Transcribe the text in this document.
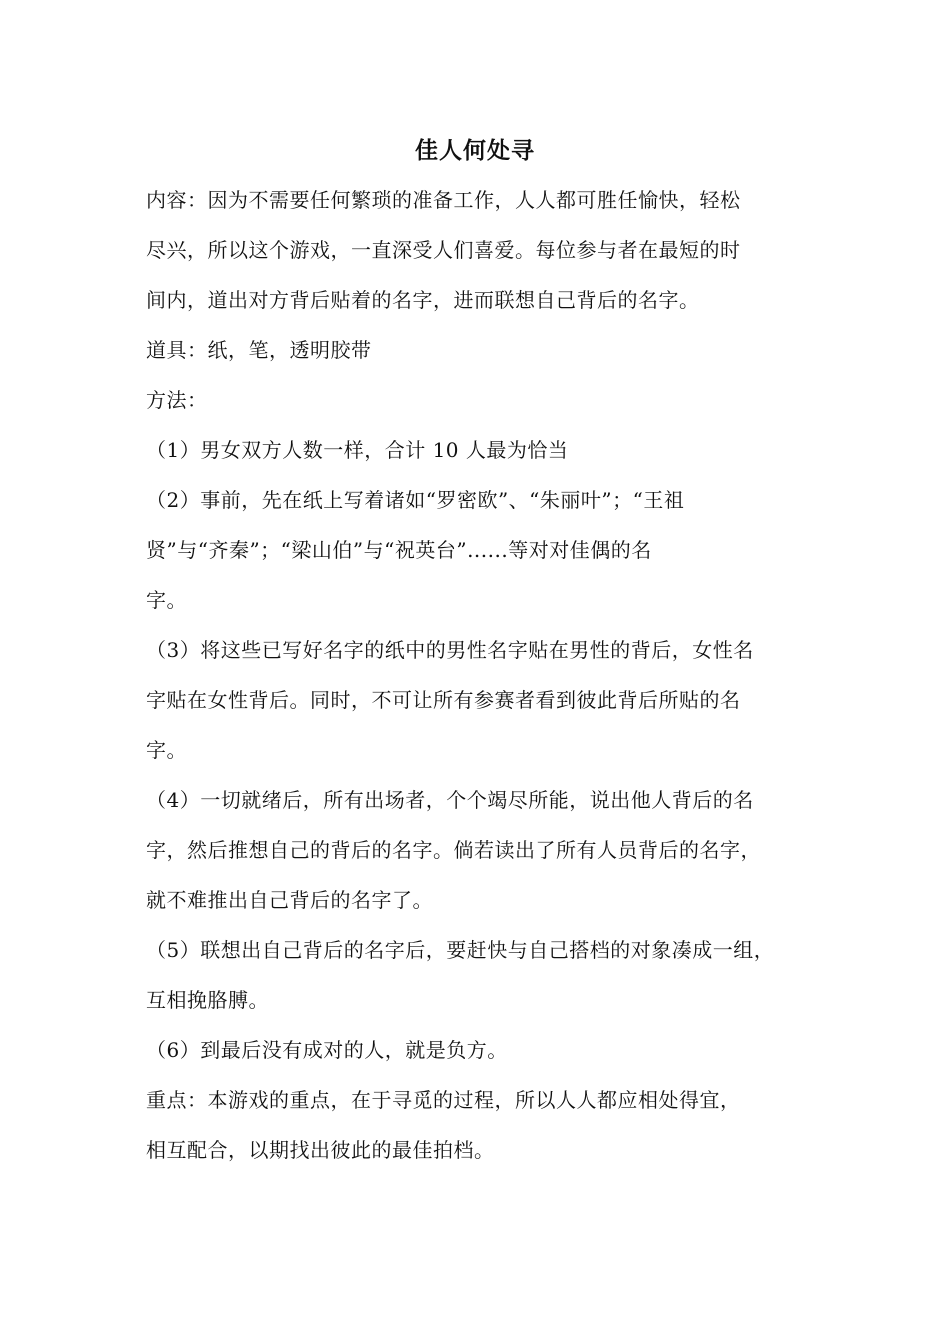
佳人何处寻
内容：因为不需要任何繁琐的准备工作，人人都可胜任愉快，轻松
尽兴，所以这个游戏，一直深受人们喜爱。每位参与者在最短的时
间内，道出对方背后贴着的名字，进而联想自己背后的名字。
道具：纸，笔，透明胶带
方法：
（1）男女双方人数一样，合计 10 人最为恰当
（2）事前，先在纸上写着诸如“罗密欧”、“朱丽叶”；“王祖
贤”与“齐秦”；“梁山伯”与“祝英台”......等对对佳偶的名
字。
（3）将这些已写好名字的纸中的男性名字贴在男性的背后，女性名
字贴在女性背后。同时，不可让所有参赛者看到彼此背后所贴的名
字。
（4）一切就绪后，所有出场者，个个竭尽所能，说出他人背后的名
字，然后推想自己的背后的名字。倘若读出了所有人员背后的名字，
就不难推出自己背后的名字了。
（5）联想出自己背后的名字后，要赶快与自己搭档的对象凑成一组，
互相挽胳膊。
（6）到最后没有成对的人，就是负方。
重点：本游戏的重点，在于寻觅的过程，所以人人都应相处得宜，
相互配合，以期找出彼此的最佳拍档。
